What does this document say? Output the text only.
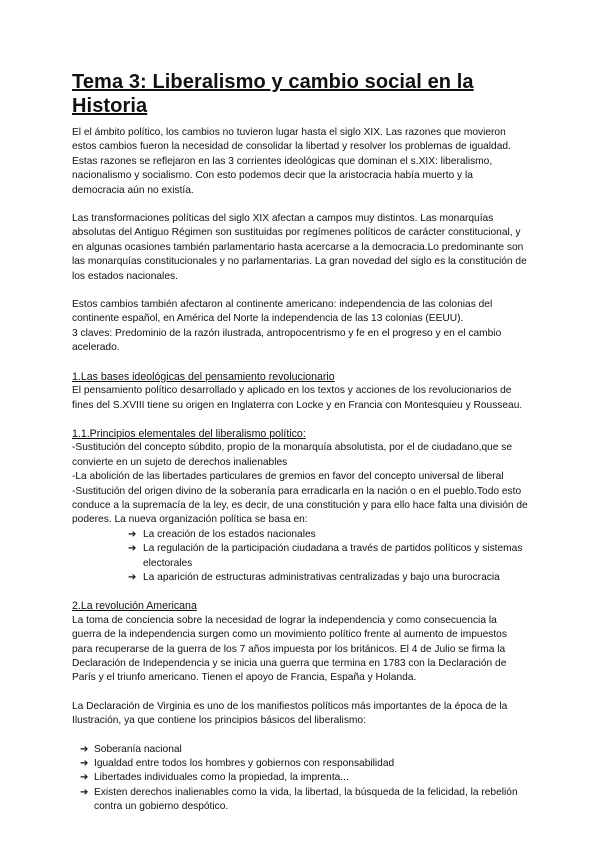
Tema 3: Liberalismo y cambio social en la Historia

El el ámbito político, los cambios no tuvieron lugar hasta el siglo XIX. Las razones que movieron estos cambios fueron la necesidad de consolidar la libertad y resolver los problemas de igualdad. Estas razones se reflejaron en las 3 corrientes ideológicas que dominan el s.XIX: liberalismo, nacionalismo y socialismo. Con esto podemos decir que la aristocracia había muerto y la democracia aún no existía.

Las transformaciones políticas del siglo XIX afectan a campos muy distintos. Las monarquías absolutas del Antiguo Régimen son sustituidas por regímenes políticos de carácter constitucional, y en algunas ocasiones también parlamentario hasta acercarse a la democracia.Lo predominante son las monarquías constitucionales y no parlamentarias. La gran novedad del siglo es la constitución de los estados nacionales.

Estos cambios también afectaron al continente americano: independencia de las colonias del continente español, en América del Norte la independencia de las 13 colonias (EEUU).

3 claves: Predominio de la razón ilustrada, antropocentrismo y fe en el progreso y en el cambio acelerado.

1.Las bases ideológicas del pensamiento revolucionario

El pensamiento político desarrollado y aplicado en los textos y acciones de los revolucionarios de fines del S.XVIII tiene su origen en Inglaterra con Locke y en Francia con Montesquieu y Rousseau.

1.1.Principios elementales del liberalismo político:

-Sustitución del concepto súbdito, propio de la monarquía absolutista, por el de ciudadano,que se convierte en un sujeto de derechos inalienables

-La abolición de las libertades particulares de gremios en favor del concepto universal de liberal

-Sustitución del origen divino de la soberanía para erradicarla en la nación o en el pueblo.Todo esto conduce a la supremacía de la ley, es decir, de una constitución y para ello hace falta una división de poderes. La nueva organización política se basa en:

➔ La creación de los estados nacionales
➔ La regulación de la participación ciudadana a través de partidos políticos y sistemas electorales
➔ La aparición de estructuras administrativas centralizadas y bajo una burocracia

2.La revolución Americana

La toma de conciencia sobre la necesidad de lograr la independencia y como consecuencia la guerra de la independencia surgen como un movimiento político frente al aumento de impuestos para recuperarse de la guerra de los 7 años impuesta por los británicos. El 4 de Julio se firma la Declaración de Independencia y se inicia una guerra que termina en 1783 con la Declaración de París y el triunfo americano. Tienen el apoyo de Francia, España y Holanda.

La Declaración de Virginia es uno de los manifiestos políticos más importantes de la época de la Ilustración, ya que contiene los principios básicos del liberalismo:

➔ Soberanía nacional
➔ Igualdad entre todos los hombres y gobiernos con responsabilidad
➔ Libertades individuales como la propiedad, la imprenta...
➔ Existen derechos inalienables como la vida, la libertad, la búsqueda de la felicidad, la rebelión contra un gobierno despótico.
